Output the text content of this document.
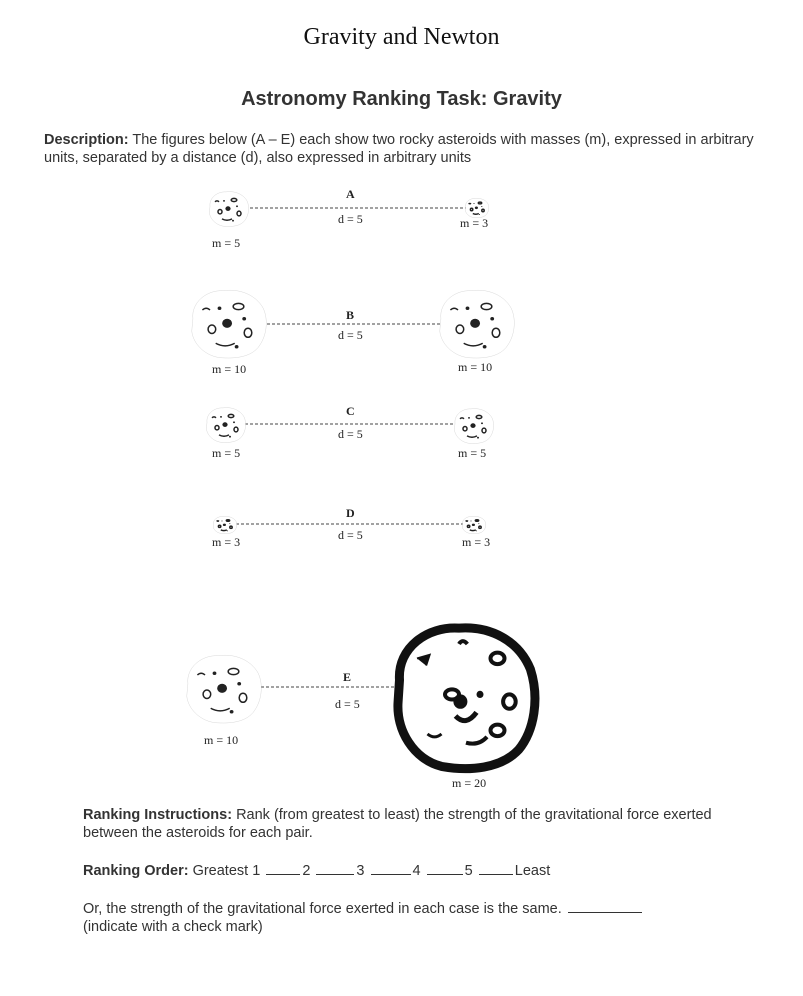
Gravity and Newton
Astronomy Ranking Task: Gravity
Description: The figures below (A – E) each show two rocky asteroids with masses (m), expressed in arbitrary units, separated by a distance (d), also expressed in arbitrary units
A
d = 5
m = 5
m = 3
B
d = 5
m = 10	m = 10
C
d = 5
m = 5	m = 5
D
d = 5
m = 3	m = 3
E
d = 5
m = 10
m = 20
Ranking Instructions: Rank (from greatest to least) the strength of the gravitational force exerted between the asteroids for each pair.
Ranking Order: Greatest 1	2	3	4	5	Least
Or, the strength of the gravitational force exerted in each case is the same.
(indicate with a check mark)
